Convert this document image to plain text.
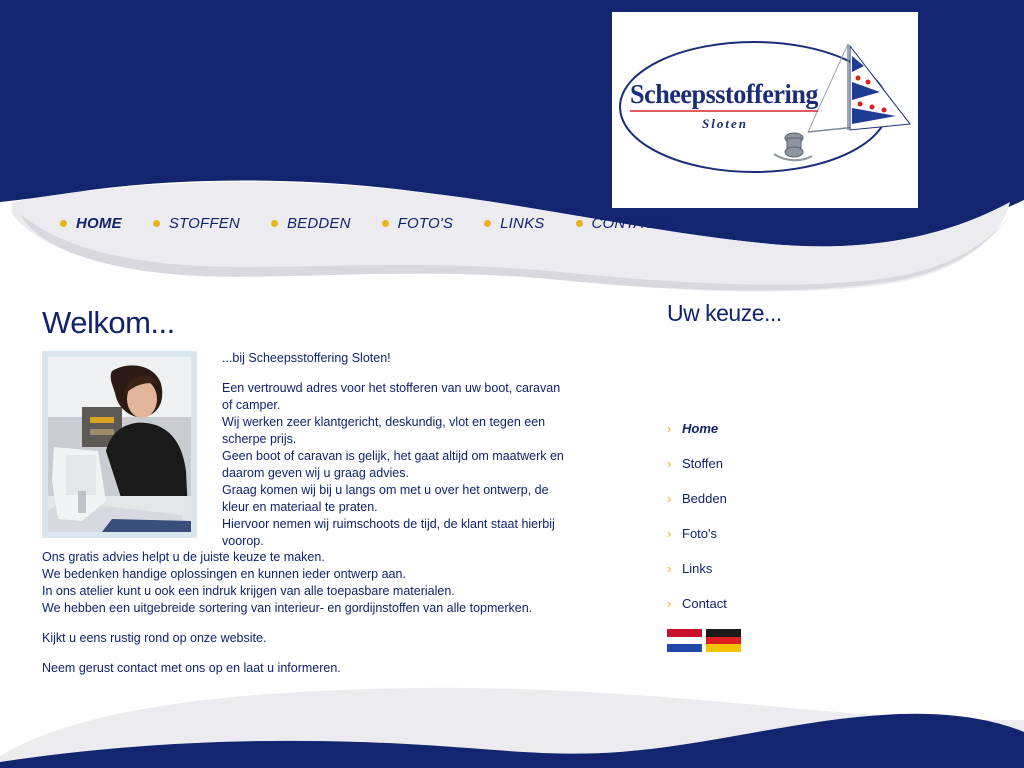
Scheepsstoffering
Sloten
HOME	STOFFEN	BEDDEN	FOTO'S	LINKS	CONTACT
Welkom...

...bij Scheepsstoffering Sloten!

Een vertrouwd adres voor het stofferen van uw boot, caravan
of camper.
Wij werken zeer klantgericht, deskundig, vlot en tegen een
scherpe prijs.
Geen boot of caravan is gelijk, het gaat altijd om maatwerk en
daarom geven wij u graag advies.
Graag komen wij bij u langs om met u over het ontwerp, de
kleur en materiaal te praten.
Hiervoor nemen wij ruimschoots de tijd, de klant staat hierbij
voorop.
Ons gratis advies helpt u de juiste keuze te maken.
We bedenken handige oplossingen en kunnen ieder ontwerp aan.
In ons atelier kunt u ook een indruk krijgen van alle toepasbare materialen.
We hebben een uitgebreide sortering van interieur- en gordijnstoffen van alle topmerken.

Kijkt u eens rustig rond op onze website.

Neem gerust contact met ons op en laat u informeren.

Uw keuze...
› Home
› Stoffen
› Bedden
› Foto's
› Links
› Contact
